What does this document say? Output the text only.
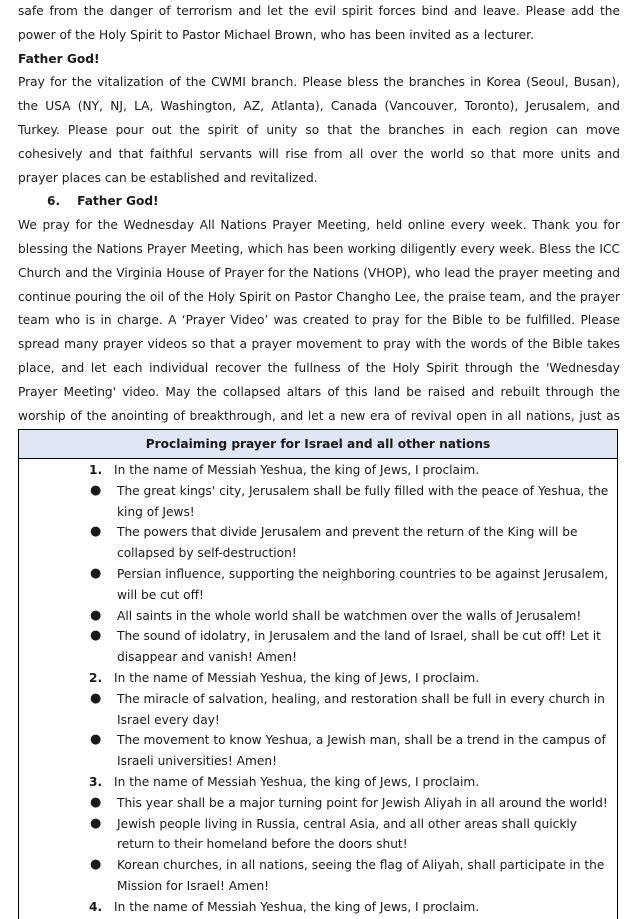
safe from the danger of terrorism and let the evil spirit forces bind and leave. Please add the power of the Holy Spirit to Pastor Michael Brown, who has been invited as a lecturer.

Father God!

Pray for the vitalization of the CWMI branch. Please bless the branches in Korea (Seoul, Busan), the USA (NY, NJ, LA, Washington, AZ, Atlanta), Canada (Vancouver, Toronto), Jerusalem, and Turkey. Please pour out the spirit of unity so that the branches in each region can move cohesively and that faithful servants will rise from all over the world so that more units and prayer places can be established and revitalized.

6.    Father God!

We pray for the Wednesday All Nations Prayer Meeting, held online every week. Thank you for blessing the Nations Prayer Meeting, which has been working diligently every week. Bless the ICC Church and the Virginia House of Prayer for the Nations (VHOP), who lead the prayer meeting and continue pouring the oil of the Holy Spirit on Pastor Changho Lee, the praise team, and the prayer team who is in charge. A ‘Prayer Video’ was created to pray for the Bible to be fulfilled. Please spread many prayer videos so that a prayer movement to pray with the words of the Bible takes place, and let each individual recover the fullness of the Holy Spirit through the 'Wednesday Prayer Meeting' video. May the collapsed altars of this land be raised and rebuilt through the worship of the anointing of breakthrough, and let a new era of revival open in all nations, just as

Proclaiming prayer for Israel and all other nations
1. In the name of Messiah Yeshua, the king of Jews, I proclaim.
● The great kings' city, Jerusalem shall be fully filled with the peace of Yeshua, the king of Jews!
● The powers that divide Jerusalem and prevent the return of the King will be collapsed by self-destruction!
● Persian influence, supporting the neighboring countries to be against Jerusalem, will be cut off!
● All saints in the whole world shall be watchmen over the walls of Jerusalem!
● The sound of idolatry, in Jerusalem and the land of Israel, shall be cut off! Let it disappear and vanish! Amen!
2. In the name of Messiah Yeshua, the king of Jews, I proclaim.
● The miracle of salvation, healing, and restoration shall be full in every church in Israel every day!
● The movement to know Yeshua, a Jewish man, shall be a trend in the campus of Israeli universities! Amen!
3. In the name of Messiah Yeshua, the king of Jews, I proclaim.
● This year shall be a major turning point for Jewish Aliyah in all around the world!
● Jewish people living in Russia, central Asia, and all other areas shall quickly return to their homeland before the doors shut!
● Korean churches, in all nations, seeing the flag of Aliyah, shall participate in the Mission for Israel! Amen!
4. In the name of Messiah Yeshua, the king of Jews, I proclaim.
